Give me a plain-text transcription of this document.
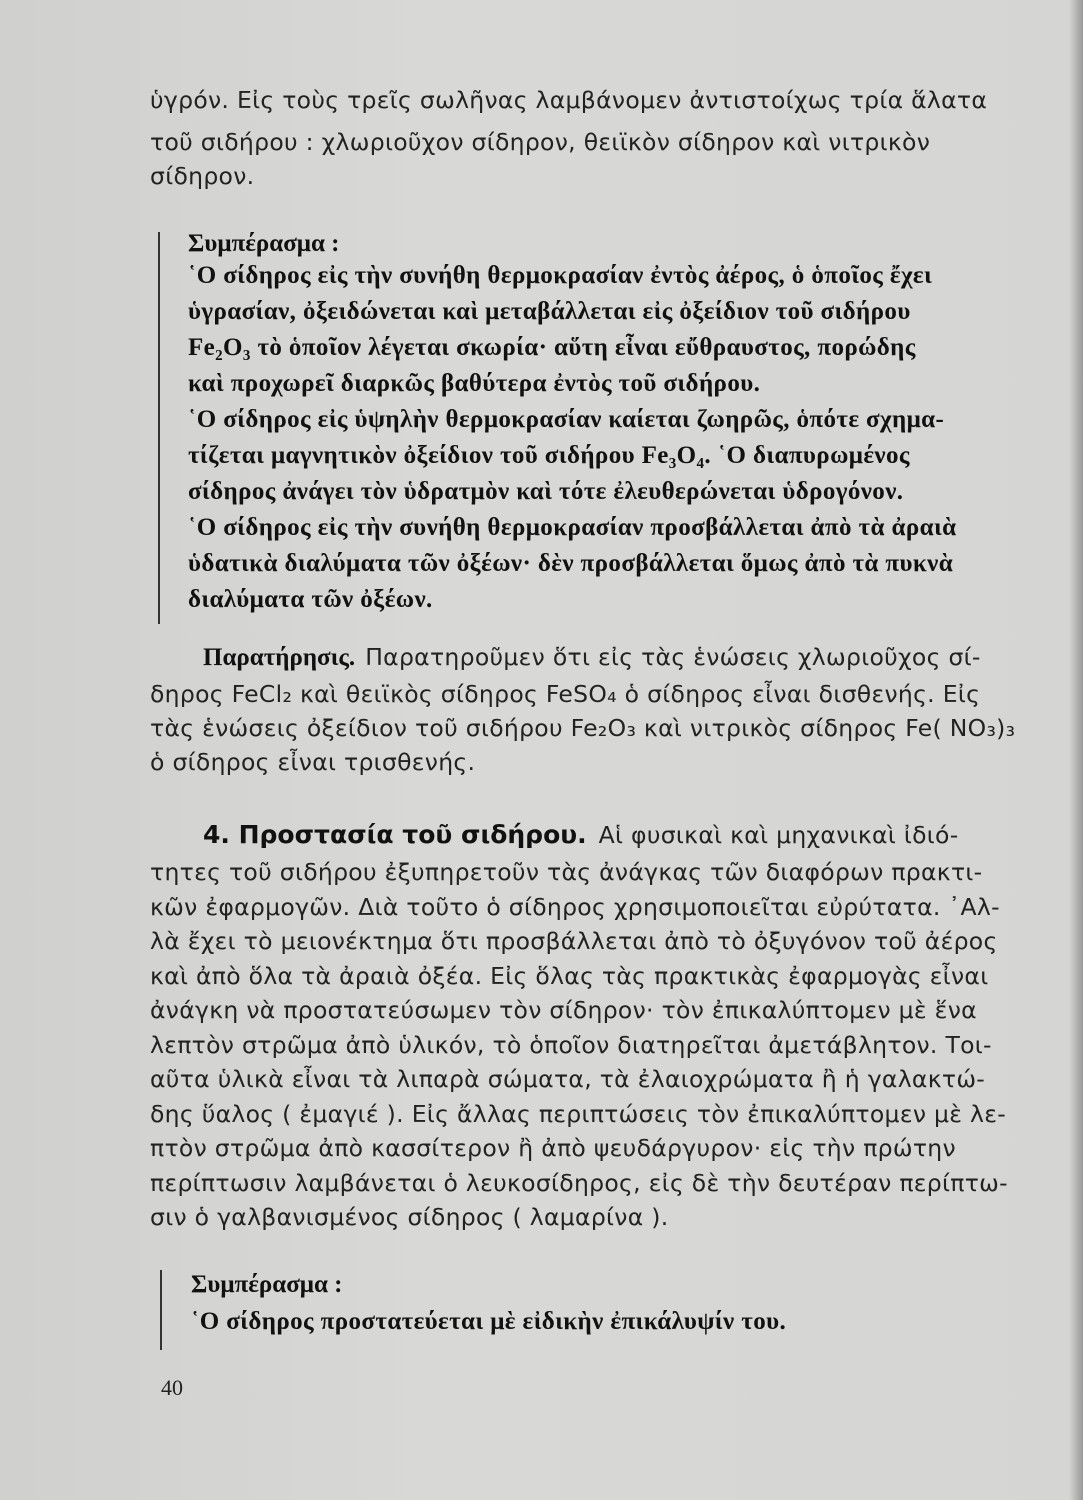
ὑγρόν. Εἰς τοὺς τρεῖς σωλῆνας λαμβάνομεν ἀντιστοίχως τρία ἅλατα
τοῦ σιδήρου : χλωριοῦχον σίδηρον, θειϊκὸν σίδηρον καὶ νιτρικὸν
σίδηρον.
Συμπέρασμα :
῾Ο σίδηρος εἰς τὴν συνήθη θερμοκρασίαν ἐντὸς ἀέρος, ὁ ὁποῖος ἔχει
ὑγρασίαν, ὀξειδώνεται καὶ μεταβάλλεται εἰς ὀξείδιον τοῦ σιδήρου
Fe₂O₃ τὸ ὁποῖον λέγεται σκωρία· αὕτη εἶναι εὔθραυστος, πορώδης
καὶ προχωρεῖ διαρκῶς βαθύτερα ἐντὸς τοῦ σιδήρου.
῾Ο σίδηρος εἰς ὑψηλὴν θερμοκρασίαν καίεται ζωηρῶς, ὁπότε σχημα-
τίζεται μαγνητικὸν ὀξείδιον τοῦ σιδήρου Fe₃O₄. ῾Ο διαπυρωμένος
σίδηρος ἀνάγει τὸν ὑδρατμὸν καὶ τότε ἐλευθερώνεται ὑδρογόνον.
῾Ο σίδηρος εἰς τὴν συνήθη θερμοκρασίαν προσβάλλεται ἀπὸ τὰ ἀραιὰ
ὑδατικὰ διαλύματα τῶν ὀξέων· δὲν προσβάλλεται ὅμως ἀπὸ τὰ πυκνὰ
διαλύματα τῶν ὀξέων.
Παρατήρησις. Παρατηροῦμεν ὅτι εἰς τὰς ἑνώσεις χλωριοῦχος σί-
δηρος FeCl₂ καὶ θειϊκὸς σίδηρος FeSO₄ ὁ σίδηρος εἶναι δισθενής. Εἰς
τὰς ἑνώσεις ὀξείδιον τοῦ σιδήρου Fe₂O₃ καὶ νιτρικὸς σίδηρος Fe( NO₃)₃
ὁ σίδηρος εἶναι τρισθενής.
4. Προστασία τοῦ σιδήρου. Αἱ φυσικαὶ καὶ μηχανικαὶ ἰδιό-
τητες τοῦ σιδήρου ἐξυπηρετοῦν τὰς ἀνάγκας τῶν διαφόρων πρακτι-
κῶν ἐφαρμογῶν. Διὰ τοῦτο ὁ σίδηρος χρησιμοποιεῖται εὐρύτατα. ᾿Αλ-
λὰ ἔχει τὸ μειονέκτημα ὅτι προσβάλλεται ἀπὸ τὸ ὀξυγόνον τοῦ ἀέρος
καὶ ἀπὸ ὅλα τὰ ἀραιὰ ὀξέα. Εἰς ὅλας τὰς πρακτικὰς ἐφαρμογὰς εἶναι
ἀνάγκη νὰ προστατεύσωμεν τὸν σίδηρον· τὸν ἐπικαλύπτομεν μὲ ἕνα
λεπτὸν στρῶμα ἀπὸ ὑλικόν, τὸ ὁποῖον διατηρεῖται ἀμετάβλητον. Τοι-
αῦτα ὑλικὰ εἶναι τὰ λιπαρὰ σώματα, τὰ ἐλαιοχρώματα ἢ ἡ γαλακτώ-
δης ὕαλος ( ἐμαγιέ ). Εἰς ἄλλας περιπτώσεις τὸν ἐπικαλύπτομεν μὲ λε-
πτὸν στρῶμα ἀπὸ κασσίτερον ἢ ἀπὸ ψευδάργυρον· εἰς τὴν πρώτην
περίπτωσιν λαμβάνεται ὁ λευκοσίδηρος, εἰς δὲ τὴν δευτέραν περίπτω-
σιν ὁ γαλβανισμένος σίδηρος ( λαμαρίνα ).
Συμπέρασμα :
῾Ο σίδηρος προστατεύεται μὲ εἰδικὴν ἐπικάλυψίν του.
40
